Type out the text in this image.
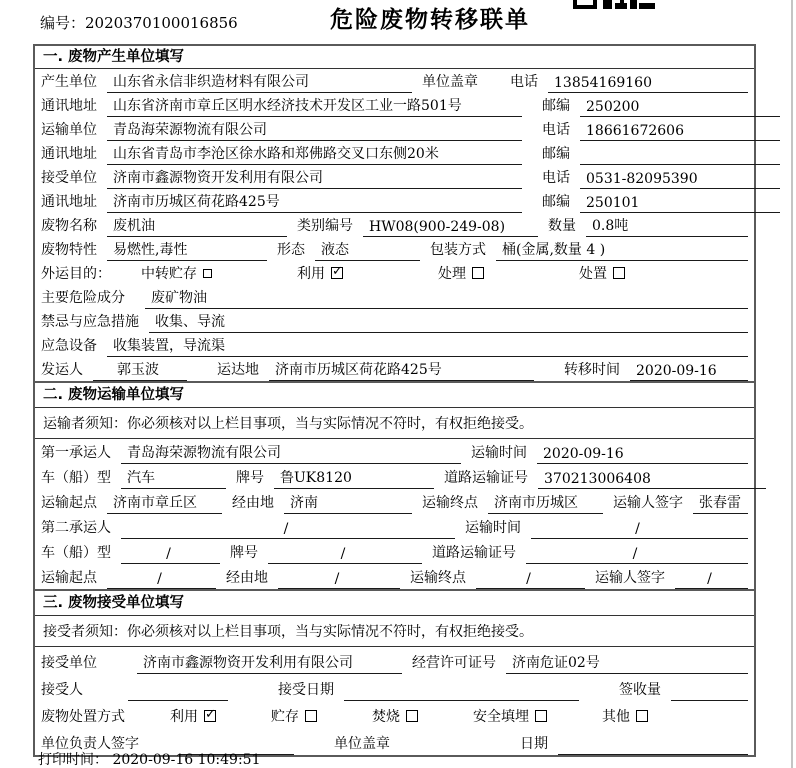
编号：2020370100016856	危险废物转移联单
一. 废物产生单位填写
产生单位	山东省永信非织造材料有限公司	单位盖章 电话	13854169160
通讯地址	山东省济南市章丘区明水经济技术开发区工业一路501号	邮编	250200
运输单位	青岛海荣源物流有限公司	电话	18661672606
通讯地址	山东省青岛市李沧区徐水路和郑佛路交叉口东侧20米	邮编
接受单位	济南市鑫源物资开发利用有限公司	电话	0531-82095390
通讯地址	济南市历城区荷花路425号	邮编	250101
废物名称	废机油	类别编号	HW08(900-249-08)	数量	0.8吨
废物特性	易燃性,毒性	形态	液态	包装方式	桶(金属,数量 4 )
外运目的： 中转贮存	利用 ✓	处理	处置
主要危险成分	废矿物油
禁忌与应急措施	收集、导流
应急设备	收集装置，导流渠
发运人	郭玉波	运达地	济南市历城区荷花路425号	转移时间	2020-09-16
二. 废物运输单位填写
运输者须知： 你必须核对以上栏目事项，当与实际情况不符时，有权拒绝接受。
第一承运人	青岛海荣源物流有限公司	运输时间	2020-09-16
车（船）型	汽车	牌号	鲁UK8120	道路运输证号	370213006408
运输起点	济南市章丘区	经由地	济南	运输终点	济南市历城区	运输人签字	张春雷
第二承运人	/	运输时间	/
车（船）型	/	牌号	/	道路运输证号	/
运输起点	/	经由地	/	运输终点	/	运输人签字	/
三. 废物接受单位填写
接受者须知： 你必须核对以上栏目事项，当与实际情况不符时，有权拒绝接受。
接受单位	济南市鑫源物资开发利用有限公司	经营许可证号	济南危证02号
接受人	接受日期	签收量
废物处置方式	利用 ✓	贮存	焚烧	安全填埋	其他
单位负责人签字	单位盖章	日期
打印时间： 2020-09-16 10:49:51
